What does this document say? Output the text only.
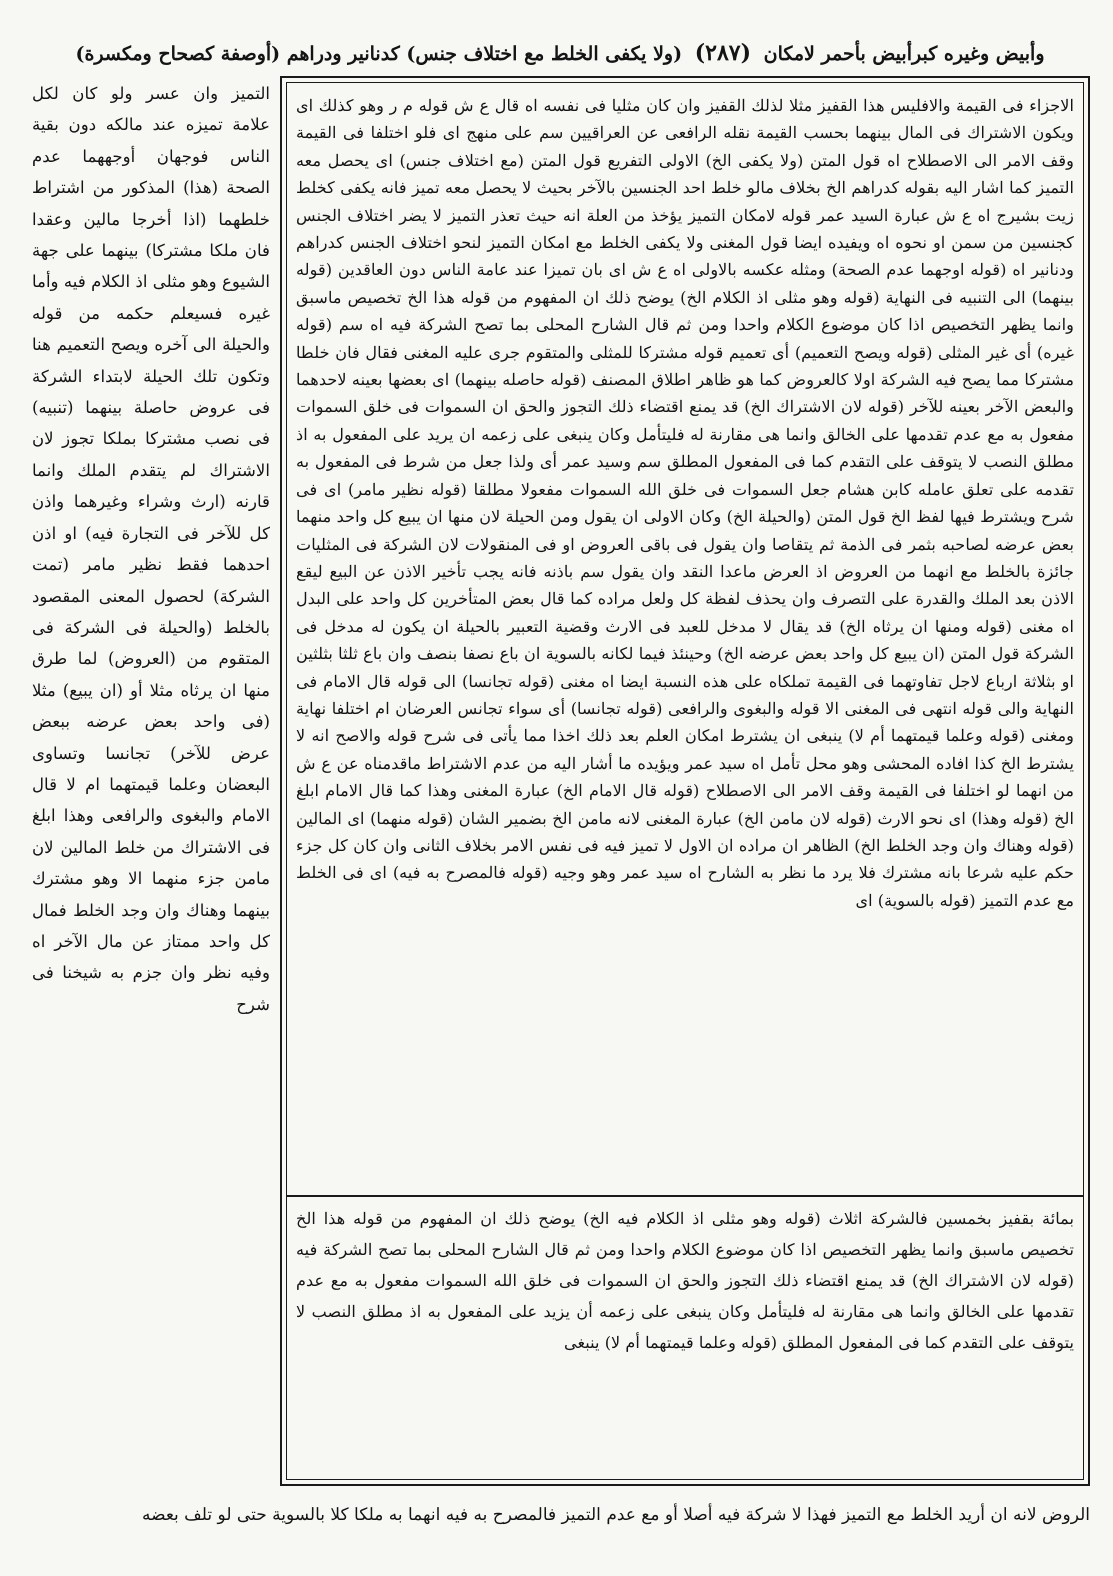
وأبيض وغيره كبرأبيض بأحمر لامكان (٢٨٧) (ولا يكفى الخلط مع اختلاف جنس) كدنانير ودراهم (أوصفة كصحاح ومكسرة)
الاجزاء فى القيمة والافليس هذا القفيز مثلا لذلك القفيز وان كان مثليا فى نفسه اه قال ع ش قوله م ر وهو كذلك اى ويكون الاشتراك فى المال بينهما بحسب القيمة نقله الرافعى عن العراقيين سم على منهج اى فلو اختلفا فى القيمة وقف الامر الى الاصطلاح اه قول المتن (ولا يكفى الخ) الاولى التفريع قول المتن (مع اختلاف جنس) اى يحصل معه التميز كما اشار اليه بقوله كدراهم الخ بخلاف مالو خلط احد الجنسين بالآخر بحيث لا يحصل معه تميز فانه يكفى كخلط زيت بشيرج اه ع ش عبارة السيد عمر قوله لامكان التميز يؤخذ من العلة انه حيث تعذر التميز لا يضر اختلاف الجنس كجنسين من سمن او نحوه اه ويفيده ايضا قول المغنى ولا يكفى الخلط مع امكان التميز لنحو اختلاف الجنس كدراهم ودنانير اه (قوله اوجهما عدم الصحة) ومثله عكسه بالاولى اه ع ش اى بان تميزا عند عامة الناس دون العاقدين (قوله بينهما) الى التنبيه فى النهاية (قوله وهو مثلى اذ الكلام الخ) يوضح ذلك ان المفهوم من قوله هذا الخ تخصيص ماسبق وانما يظهر التخصيص اذا كان موضوع الكلام واحدا ومن ثم قال الشارح المحلى بما تصح الشركة فيه اه سم (قوله غيره) أى غير المثلى (قوله ويصح التعميم) أى تعميم قوله مشتركا للمثلى والمتقوم جرى عليه المغنى فقال فان خلطا مشتركا مما يصح فيه الشركة اولا كالعروض كما هو ظاهر اطلاق المصنف (قوله حاصله بينهما) اى بعضها بعينه لاحدهما والبعض الآخر بعينه للآخر (قوله لان الاشتراك الخ) قد يمنع اقتضاء ذلك التجوز والحق ان السموات فى خلق السموات مفعول به مع عدم تقدمها على الخالق وانما هى مقارنة له فليتأمل وكان ينبغى على زعمه ان يريد على المفعول به اذ مطلق النصب لا يتوقف على التقدم كما فى المفعول المطلق سم وسيد عمر أى ولذا جعل من شرط فى المفعول به تقدمه على تعلق عامله كابن هشام جعل السموات فى خلق الله السموات مفعولا مطلقا (قوله نظير مامر) اى فى شرح ويشترط فيها لفظ الخ قول المتن (والحيلة الخ) وكان الاولى ان يقول ومن الحيلة لان منها ان يبيع كل واحد منهما بعض عرضه لصاحبه بثمر فى الذمة ثم يتقاصا وان يقول فى باقى العروض او فى المنقولات لان الشركة فى المثليات جائزة بالخلط مع انهما من العروض اذ العرض ماعدا النقد وان يقول سم باذنه فانه يجب تأخير الاذن عن البيع ليقع الاذن بعد الملك والقدرة على التصرف وان يحذف لفظة كل ولعل مراده كما قال بعض المتأخرين كل واحد على البدل اه مغنى (قوله ومنها ان يرثاه الخ) قد يقال لا مدخل للعبد فى الارث وقضية التعبير بالحيلة ان يكون له مدخل فى الشركة قول المتن (ان يبيع كل واحد بعض عرضه الخ) وحينئذ فيما لكانه بالسوية ان باع نصفا بنصف وان باع ثلثا بثلثين او بثلاثة ارباع لاجل تفاوتهما فى القيمة تملكاه على هذه النسبة ايضا اه مغنى (قوله تجانسا) الى قوله قال الامام فى النهاية والى قوله انتهى فى المغنى الا قوله والبغوى والرافعى (قوله تجانسا) أى سواء تجانس العرضان ام اختلفا نهاية ومغنى (قوله وعلما قيمتهما أم لا) ينبغى ان يشترط امكان العلم بعد ذلك اخذا مما يأتى فى شرح قوله والاصح انه لا يشترط الخ كذا افاده المحشى وهو محل تأمل اه سيد عمر ويؤيده ما أشار اليه من عدم الاشتراط ماقدمناه عن ع ش من انهما لو اختلفا فى القيمة وقف الامر الى الاصطلاح (قوله قال الامام الخ) عبارة المغنى وهذا كما قال الامام ابلغ الخ (قوله وهذا) اى نحو الارث (قوله لان مامن الخ) عبارة المغنى لانه مامن الخ بضمير الشان (قوله منهما) اى المالين (قوله وهناك وان وجد الخلط الخ) الظاهر ان مراده ان الاول لا تميز فيه فى نفس الامر بخلاف الثانى وان كان كل جزء حكم عليه شرعا بانه مشترك فلا يرد ما نظر به الشارح اه سيد عمر وهو وجيه (قوله فالمصرح به فيه) اى فى الخلط مع عدم التميز (قوله بالسوية) اى
بمائة بقفيز بخمسين فالشركة اثلاث (قوله وهو مثلى اذ الكلام فيه الخ) يوضح ذلك ان المفهوم من قوله هذا الخ تخصيص ماسبق وانما يظهر التخصيص اذا كان موضوع الكلام واحدا ومن ثم قال الشارح المحلى بما تصح الشركة فيه (قوله لان الاشتراك الخ) قد يمنع اقتضاء ذلك التجوز والحق ان السموات فى خلق الله السموات مفعول به مع عدم تقدمها على الخالق وانما هى مقارنة له فليتأمل وكان ينبغى على زعمه أن يزيد على المفعول به اذ مطلق النصب لا يتوقف على التقدم كما فى المفعول المطلق (قوله وعلما قيمتهما أم لا) ينبغى
التميز وان عسر ولو كان لكل علامة تميزه عند مالكه دون بقية الناس فوجهان أوجههما عدم الصحة (هذا) المذكور من اشتراط خلطهما (اذا أخرجا مالين وعقدا فان ملكا مشتركا) بينهما على جهة الشيوع وهو مثلى اذ الكلام فيه وأما غيره فسيعلم حكمه من قوله والحيلة الى آخره ويصح التعميم هنا وتكون تلك الحيلة لابتداء الشركة فى عروض حاصلة بينهما (تنبيه) فى نصب مشتركا بملكا تجوز لان الاشتراك لم يتقدم الملك وانما قارنه (ارث وشراء وغيرهما واذن كل للآخر فى التجارة فيه) او اذن احدهما فقط نظير مامر (تمت الشركة) لحصول المعنى المقصود بالخلط (والحيلة فى الشركة فى المتقوم من (العروض) لما طرق منها ان يرثاه مثلا أو (ان يبيع) مثلا (فى واحد بعض عرضه ببعض عرض للآخر) تجانسا وتساوى البعضان وعلما قيمتهما ام لا قال الامام والبغوى والرافعى وهذا ابلغ فى الاشتراك من خلط المالين لان مامن جزء منهما الا وهو مشترك بينهما وهناك وان وجد الخلط فمال كل واحد ممتاز عن مال الآخر اه وفيه نظر وان جزم به شيخنا فى شرح
الروض لانه ان أريد الخلط مع التميز فهذا لا شركة فيه أصلا أو مع عدم التميز فالمصرح به فيه انهما به ملكا كلا بالسوية حتى لو تلف بعضه
